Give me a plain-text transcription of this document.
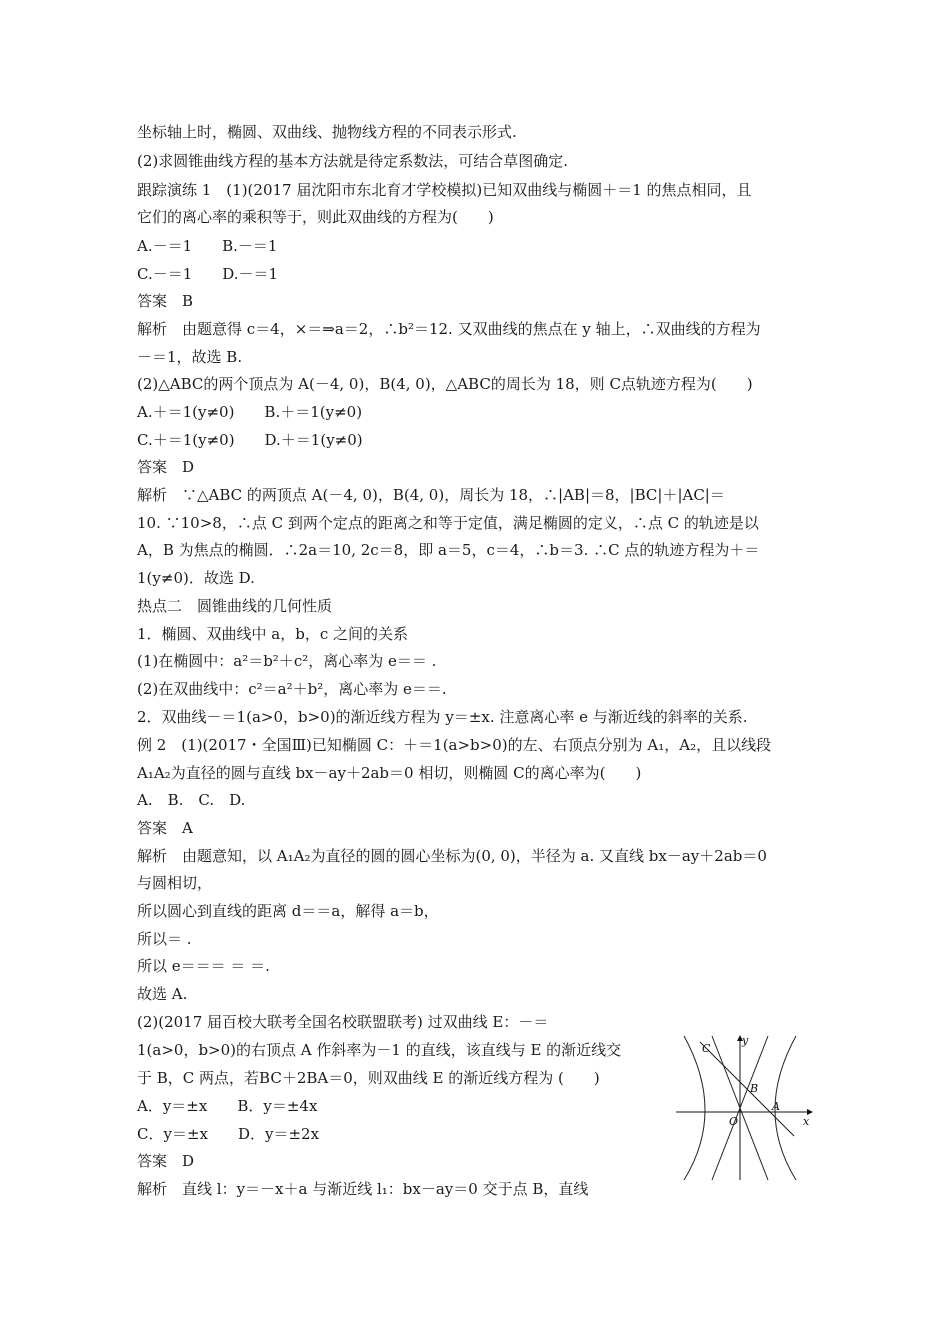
坐标轴上时，椭圆、双曲线、抛物线方程的不同表示形式.
(2)求圆锥曲线方程的基本方法就是待定系数法，可结合草图确定.
跟踪演练 1　(1)(2017 届沈阳市东北育才学校模拟)已知双曲线与椭圆＋＝1 的焦点相同，且
它们的离心率的乘积等于，则此双曲线的方程为(　　)
A.－＝1　　B.－＝1
C.－＝1　　D.－＝1
答案　B
解析　由题意得 c＝4，×＝⇒a＝2，∴b²＝12. 又双曲线的焦点在 y 轴上，∴双曲线的方程为
－＝1，故选 B.
(2)△ABC的两个顶点为 A(－4, 0)，B(4, 0)，△ABC的周长为 18，则 C点轨迹方程为(　　)
A.＋＝1(y≠0)　　B.＋＝1(y≠0)
C.＋＝1(y≠0)　　D.＋＝1(y≠0)
答案　D
解析　∵△ABC 的两顶点 A(－4, 0)，B(4, 0)，周长为 18，∴|AB|＝8，|BC|＋|AC|＝
10. ∵10>8，∴点 C 到两个定点的距离之和等于定值，满足椭圆的定义，∴点 C 的轨迹是以
A，B 为焦点的椭圆．∴2a＝10, 2c＝8，即 a＝5，c＝4，∴b＝3. ∴C 点的轨迹方程为＋＝
1(y≠0)．故选 D.
热点二　圆锥曲线的几何性质
1．椭圆、双曲线中 a，b，c 之间的关系
(1)在椭圆中：a²＝b²＋c²，离心率为 e＝＝ .
(2)在双曲线中：c²＝a²＋b²，离心率为 e＝＝.
2．双曲线－＝1(a>0，b>0)的渐近线方程为 y＝±x. 注意离心率 e 与渐近线的斜率的关系.
例 2　(1)(2017・全国Ⅲ)已知椭圆 C：＋＝1(a>b>0)的左、右顶点分别为 A₁，A₂，且以线段
A₁A₂为直径的圆与直线 bx－ay＋2ab＝0 相切，则椭圆 C的离心率为(　　)
A.　B.　C.　D.
答案　A
解析　由题意知，以 A₁A₂为直径的圆的圆心坐标为(0, 0)，半径为 a. 又直线 bx－ay＋2ab＝0
与圆相切，
所以圆心到直线的距离 d＝＝a，解得 a＝b，
所以＝ .
所以 e＝＝＝ ＝ ＝.
故选 A.
(2)(2017 届百校大联考全国名校联盟联考) 过双曲线 E：－＝
1(a>0，b>0)的右顶点 A 作斜率为－1 的直线，该直线与 E 的渐近线交
于 B，C 两点，若BC＋2BA＝0，则双曲线 E 的渐近线方程为 (　　)
A．y＝±x　　B．y＝±4x
C．y＝±x　　D．y＝±2x
答案　D
解析　直线 l：y＝－x＋a 与渐近线 l₁：bx－ay＝0 交于点 B，直线
y
x
O
C
B
A
